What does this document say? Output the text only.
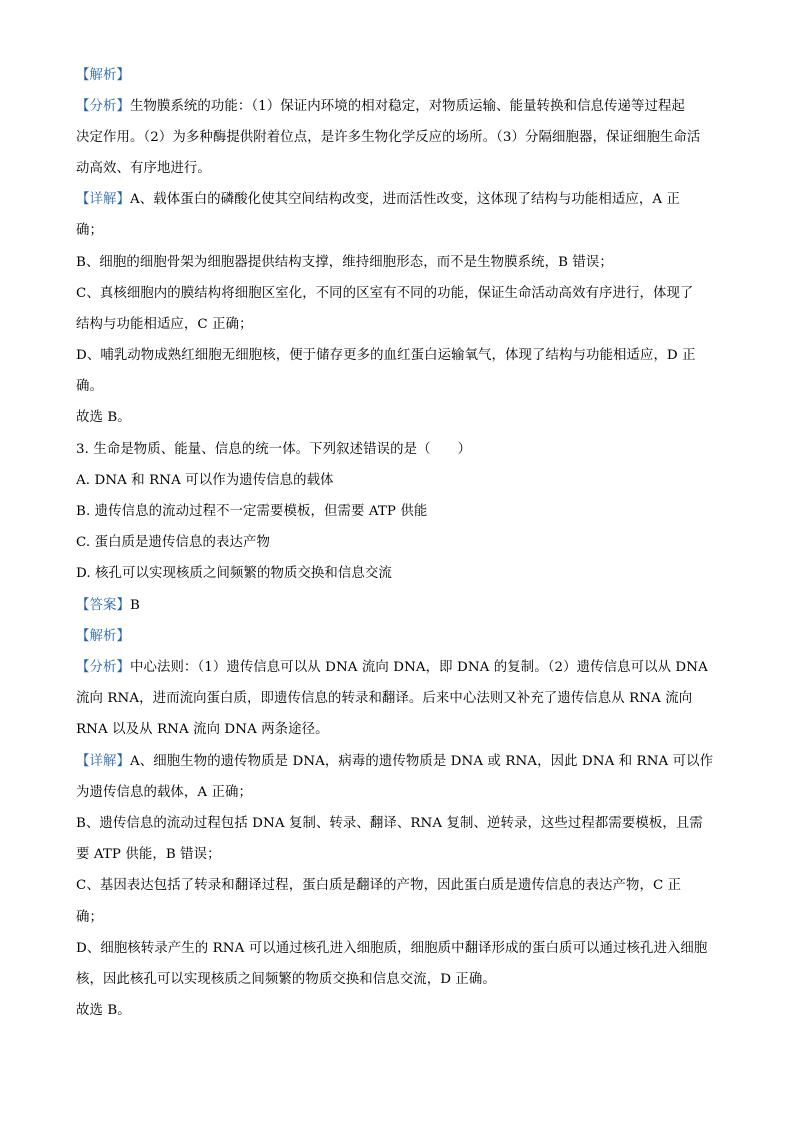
【解析】
【分析】生物膜系统的功能：（1）保证内环境的相对稳定，对物质运输、能量转换和信息传递等过程起
决定作用。（2）为多种酶提供附着位点，是许多生物化学反应的场所。（3）分隔细胞器，保证细胞生命活
动高效、有序地进行。
【详解】A、载体蛋白的磷酸化使其空间结构改变，进而活性改变，这体现了结构与功能相适应，A 正
确；
B、细胞的细胞骨架为细胞器提供结构支撑，维持细胞形态，而不是生物膜系统，B 错误；
C、真核细胞内的膜结构将细胞区室化，不同的区室有不同的功能，保证生命活动高效有序进行，体现了
结构与功能相适应，C 正确；
D、哺乳动物成熟红细胞无细胞核，便于储存更多的血红蛋白运输氧气，体现了结构与功能相适应，D 正
确。
故选 B。
3. 生命是物质、能量、信息的统一体。下列叙述错误的是（　　）
A. DNA 和 RNA 可以作为遗传信息的载体
B. 遗传信息的流动过程不一定需要模板，但需要 ATP 供能
C. 蛋白质是遗传信息的表达产物
D. 核孔可以实现核质之间频繁的物质交换和信息交流
【答案】B
【解析】
【分析】中心法则：（1）遗传信息可以从 DNA 流向 DNA，即 DNA 的复制。（2）遗传信息可以从 DNA
流向 RNA，进而流向蛋白质，即遗传信息的转录和翻译。后来中心法则又补充了遗传信息从 RNA 流向
RNA 以及从 RNA 流向 DNA 两条途径。
【详解】A、细胞生物的遗传物质是 DNA，病毒的遗传物质是 DNA 或 RNA，因此 DNA 和 RNA 可以作
为遗传信息的载体，A 正确；
B、遗传信息的流动过程包括 DNA 复制、转录、翻译、RNA 复制、逆转录，这些过程都需要模板，且需
要 ATP 供能，B 错误；
C、基因表达包括了转录和翻译过程，蛋白质是翻译的产物，因此蛋白质是遗传信息的表达产物，C 正
确；
D、细胞核转录产生的 RNA 可以通过核孔进入细胞质，细胞质中翻译形成的蛋白质可以通过核孔进入细胞
核，因此核孔可以实现核质之间频繁的物质交换和信息交流，D 正确。
故选 B。
